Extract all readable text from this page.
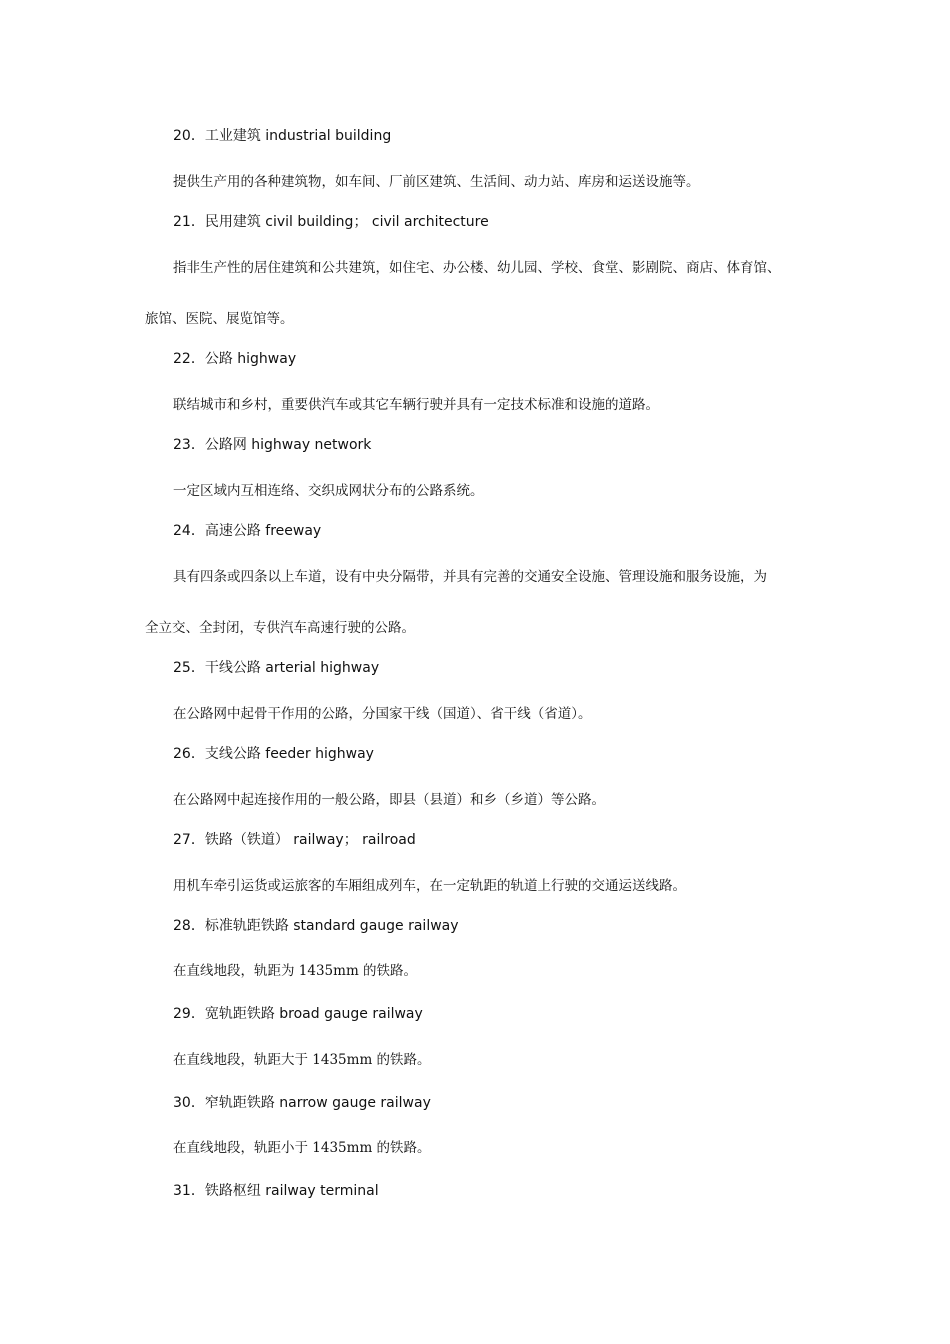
20．工业建筑 industrial building
提供生产用的各种建筑物，如车间、厂前区建筑、生活间、动力站、库房和运送设施等。
21．民用建筑 civil building； civil architecture
指非生产性的居住建筑和公共建筑，如住宅、办公楼、幼儿园、学校、食堂、影剧院、商店、体育馆、
旅馆、医院、展览馆等。
22．公路 highway
联结城市和乡村，重要供汽车或其它车辆行驶并具有一定技术标准和设施的道路。
23．公路网 highway network
一定区域内互相连络、交织成网状分布的公路系统。
24．高速公路 freeway
具有四条或四条以上车道，设有中央分隔带，并具有完善的交通安全设施、管理设施和服务设施，为
全立交、全封闭，专供汽车高速行驶的公路。
25．干线公路 arterial highway
在公路网中起骨干作用的公路，分国家干线（国道）、省干线（省道）。
26．支线公路 feeder highway
在公路网中起连接作用的一般公路，即县（县道）和乡（乡道）等公路。
27．铁路（铁道） railway； railroad
用机车牵引运货或运旅客的车厢组成列车，在一定轨距的轨道上行驶的交通运送线路。
28．标准轨距铁路 standard gauge railway
在直线地段，轨距为 1435mm 的铁路。
29．宽轨距铁路 broad gauge railway
在直线地段，轨距大于 1435mm 的铁路。
30．窄轨距铁路 narrow gauge railway
在直线地段，轨距小于 1435mm 的铁路。
31．铁路枢纽 railway terminal
